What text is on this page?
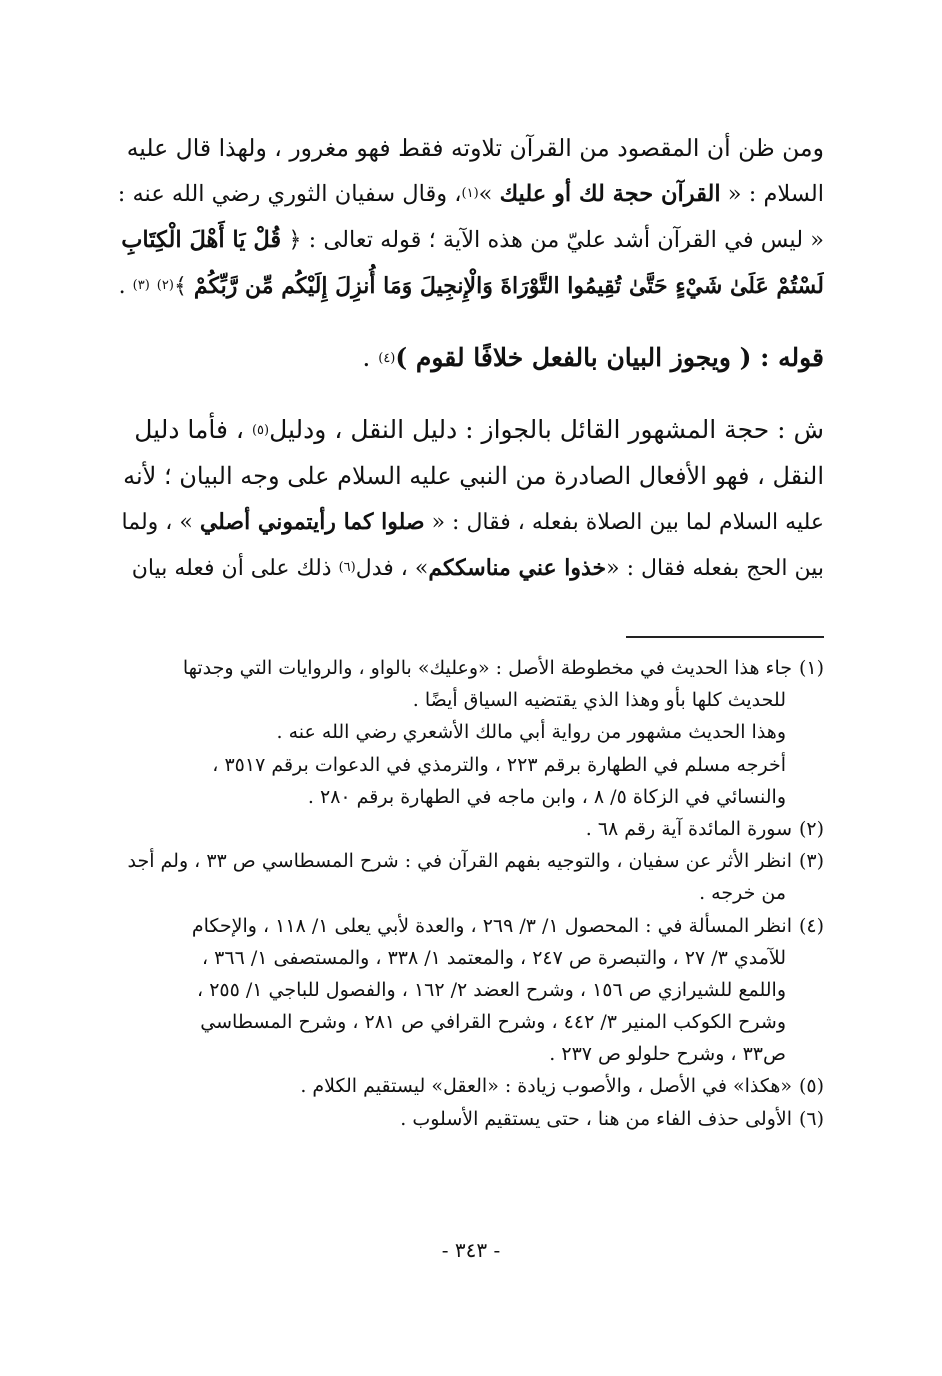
ومن ظن أن المقصود من القرآن تلاوته فقط فهو مغرور ، ولهذا قال عليه
السلام : « القرآن حجة لك أو عليك »$^{(١)}$، وقال سفيان الثوري رضي الله عنه :
« ليس في القرآن أشد عليّ من هذه الآية ؛ قوله تعالى : ﴿ قُلْ يَا أَهْلَ الْكِتَابِ
لَسْتُمْ عَلَىٰ شَيْءٍ حَتَّىٰ تُقِيمُوا التَّوْرَاةَ وَالْإِنجِيلَ وَمَا أُنزِلَ إِلَيْكُم مِّن رَّبِّكُمْ ﴾$^{(٢)}$ $^{(٣)}$ .
قوله : ( ويجوز البيان بالفعل خلافًا لقوم )$^{(٤)}$ .
ش : حجة المشهور القائل بالجواز : دليل النقل ، ودليل$^{(٥)}$ ، فأما دليل
النقل ، فهو الأفعال الصادرة من النبي عليه السلام على وجه البيان ؛ لأنه
عليه السلام لما بين الصلاة بفعله ، فقال : « صلوا كما رأيتموني أصلي » ، ولما
بين الحج بفعله فقال : «خذوا عني مناسككم» ، فدل$^{(٦)}$ ذلك على أن فعله بيان
(١)جاء هذا الحديث في مخطوطة الأصل : «وعليك» بالواو ، والروايات التي وجدتها
للحديث كلها بأو وهذا الذي يقتضيه السياق أيضًا .
وهذا الحديث مشهور من رواية أبي مالك الأشعري رضي الله عنه .
أخرجه مسلم في الطهارة برقم ٢٢٣ ، والترمذي في الدعوات برقم ٣٥١٧ ،
والنسائي في الزكاة ٥/ ٨ ، وابن ماجه في الطهارة برقم ٢٨٠ .
(٢)سورة المائدة آية رقم ٦٨ .
(٣)انظر الأثر عن سفيان ، والتوجيه بفهم القرآن في : شرح المسطاسي ص ٣٣ ، ولم أجد
من خرجه .
(٤)انظر المسألة في : المحصول ١/ ٣/ ٢٦٩ ، والعدة لأبي يعلى ١/ ١١٨ ، والإحكام
للآمدي ٣/ ٢٧ ، والتبصرة ص ٢٤٧ ، والمعتمد ١/ ٣٣٨ ، والمستصفى ١/ ٣٦٦ ،
واللمع للشيرازي ص ١٥٦ ، وشرح العضد ٢/ ١٦٢ ، والفصول للباجي ١/ ٢٥٥ ،
وشرح الكوكب المنير ٣/ ٤٤٢ ، وشرح القرافي ص ٢٨١ ، وشرح المسطاسي
ص٣٣ ، وشرح حلولو ص ٢٣٧ .
(٥)«هكذا» في الأصل ، والأصوب زيادة : «العقل» ليستقيم الكلام .
(٦)الأولى حذف الفاء من هنا ، حتى يستقيم الأسلوب .
- ٣٤٣ -
